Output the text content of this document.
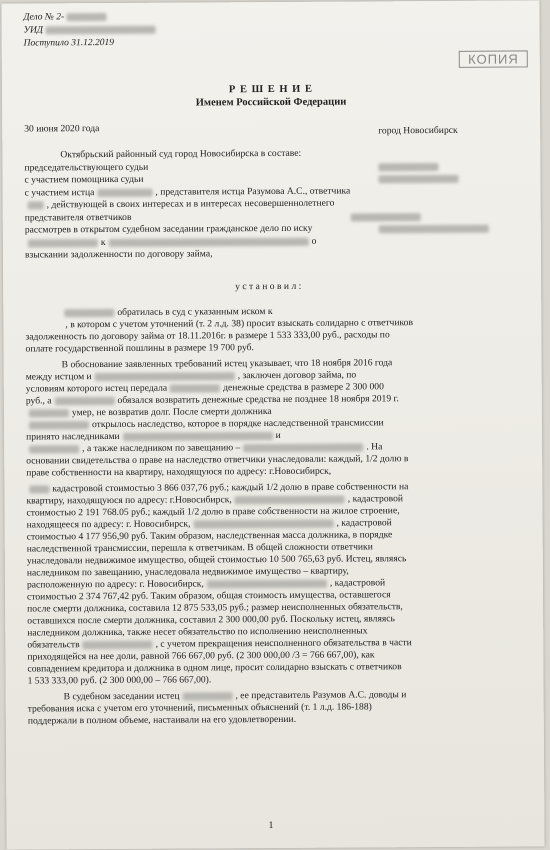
Дело № 2-
УИД
Поступило 31.12.2019
КОПИЯ
Р Е Ш Е Н И Е
Именем Российской Федерации
30 июня 2020 года	город Новосибирск
Октябрьский районный суд город Новосибирска в составе:
председательствующего судьи
с участием помощника судьи
с участием истца	, представителя истца Разумова А.С., ответчика
, действующей в своих интересах и в интересах несовершеннолетнего
представителя ответчиков
рассмотрев в открытом судебном заседании гражданское дело по иску
к	о
взыскании задолженности по договору займа,
у с т а н о в и л :
обратилась в суд с указанным иском к
, в котором с учетом уточнений (т. 2 л.д. 38) просит взыскать солидарно с ответчиков
задолженность по договору займа от 18.11.2016г. в размере 1 533 333,00 руб., расходы по
оплате государственной пошлины в размере 19 700 руб.
В обоснование заявленных требований истец указывает, что 18 ноября 2016 года
между истцом и	, заключен договор займа, по
условиям которого истец передала	денежные средства в размере 2 300 000
руб., а	обязался возвратить денежные средства не позднее 18 ноября 2019 г.
умер, не возвратив долг. После смерти должника
открылось наследство, которое в порядке наследственной трансмиссии
принято наследниками	и
, а также наследником по завещанию –	. На
основании свидетельства о праве на наследство ответчики унаследовали: каждый, 1/2 долю в
праве собственности на квартиру, находящуюся по адресу: г.Новосибирск,
кадастровой стоимостью 3 866 037,76 руб.; каждый 1/2 долю в праве собственности на
квартиру, находящуюся по адресу: г.Новосибирск,	, кадастровой
стоимостью 2 191 768.05 руб.; каждый 1/2 долю в праве собственности на жилое строение,
находящееся по адресу: г. Новосибирск,	, кадастровой
стоимостью 4 177 956,90 руб. Таким образом, наследственная масса должника, в порядке
наследственной трансмиссии, перешла к ответчикам. В общей сложности ответчики
унаследовали недвижимое имущество, общей стоимостью 10 500 765,63 руб. Истец, являясь
наследником по завещанию, унаследовала недвижимое имущество – квартиру,
расположенную по адресу: г. Новосибирск,	, кадастровой
стоимостью 2 374 767,42 руб. Таким образом, общая стоимость имущества, оставшегося
после смерти должника, составила 12 875 533,05 руб.; размер неисполненных обязательств,
оставшихся после смерти должника, составил 2 300 000,00 руб. Поскольку истец, являясь
наследником должника, также несет обязательство по исполнению неисполненных
обязательств	, с учетом прекращения неисполненного обязательства в части
приходящейся на нее доли, равной 766 667,00 руб. (2 300 000,00 /3 = 766 667,00), как
совпадением кредитора и должника в одном лице, просит солидарно взыскать с ответчиков
1 533 333,00 руб. (2 300 000,00 – 766 667,00).
В судебном заседании истец	, ее представитель Разумов А.С. доводы и
требования иска с учетом его уточнений, письменных объяснений (т. 1 л.д. 186-188)
поддержали в полном объеме, настаивали на его удовлетворении.
1
